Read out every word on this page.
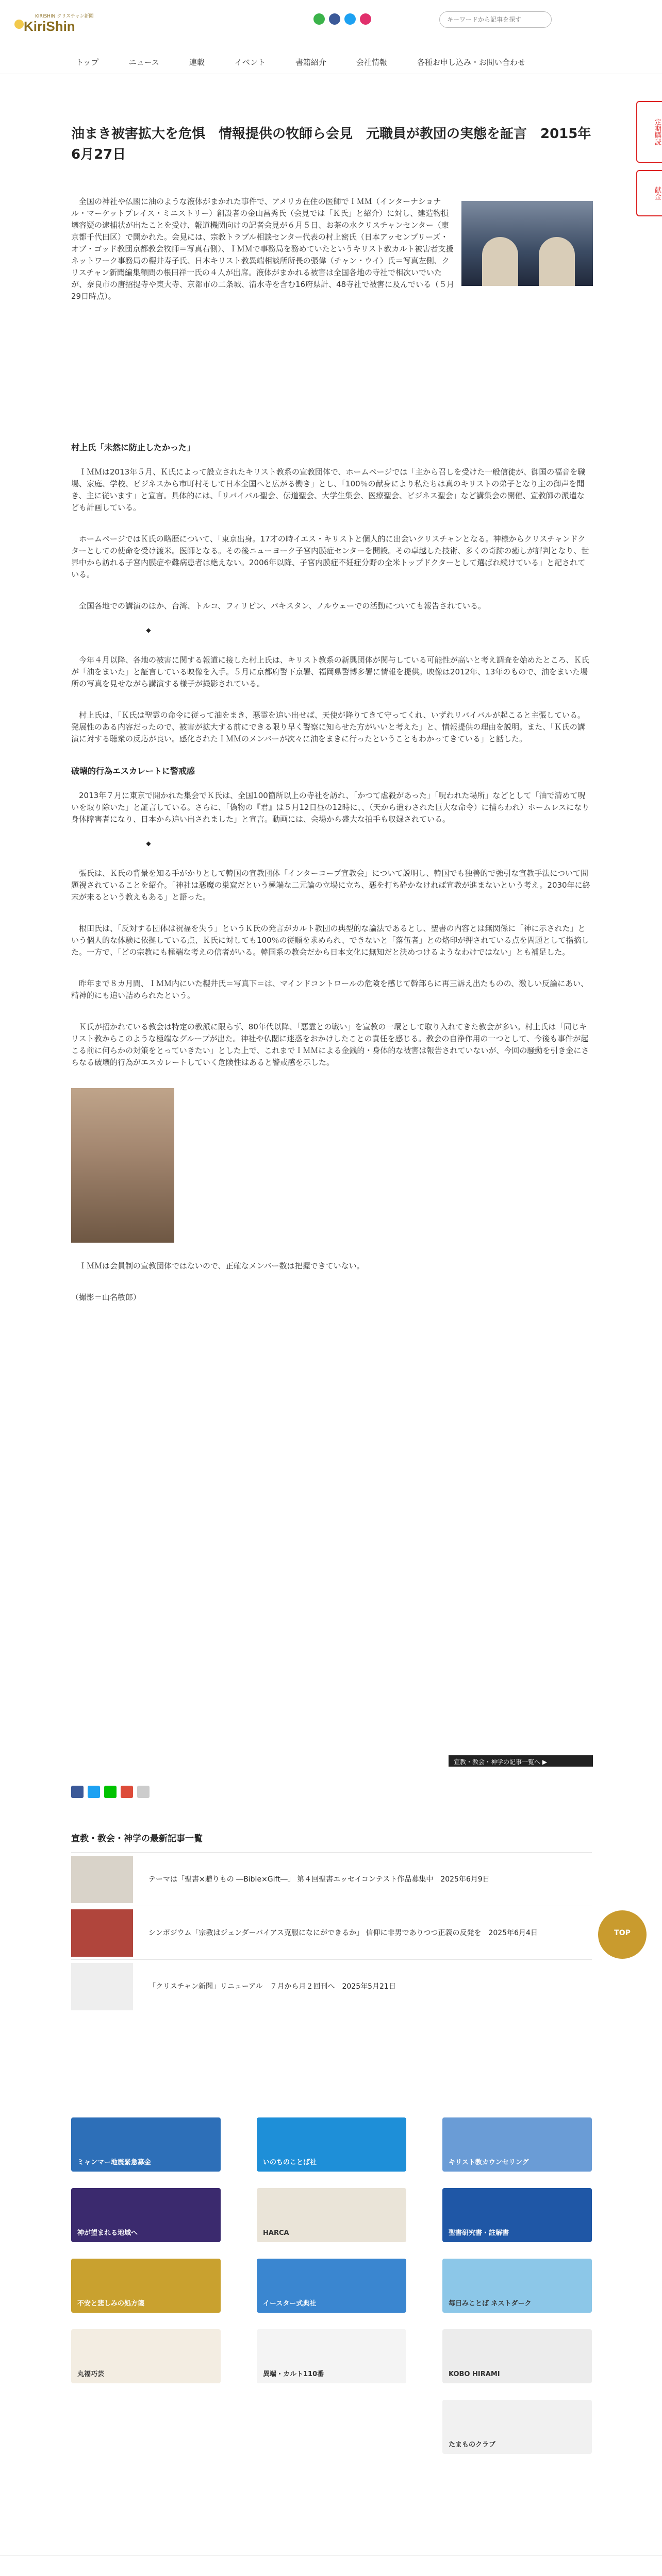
KIRISHIN クリスチャン新聞
KiriShin
キーワードから記事を探す
トップ	ニュース	連載	イベント	書籍紹介	会社情報	各種お申し込み・お問い合わせ
定期購読
献金
油まき被害拡大を危惧　情報提供の牧師ら会見　元職員が教団の実態を証言　2015年6月27日

　全国の神社や仏閣に油のような液体がまかれた事件で、アメリカ在住の医師でＩＭＭ（インターナショナル・マーケットプレイス・ミニストリー）創設者の金山昌秀氏（会見では「Ｋ氏」と紹介）に対し、建造物損壊容疑の逮捕状が出たことを受け、報道機関向けの記者会見が６月５日、お茶の水クリスチャンセンター（東京都千代田区）で開かれた。会見には、宗教トラブル相談センター代表の村上密氏（日本アッセンブリーズ・オブ・ゴッド教団京都教会牧師＝写真右側）、ＩＭＭで事務局を務めていたというキリスト教カルト被害者支援ネットワーク事務局の櫻井寿子氏、日本キリスト教異端相談所所長の張偉（チャン・ウイ）氏＝写真左側、クリスチャン新聞編集顧問の根田祥一氏の４人が出席。液体がまかれる被害は全国各地の寺社で相次いでいたが、奈良市の唐招提寺や東大寺、京都市の二条城、清水寺を含む16府県計、48寺社で被害に及んでいる（５月29日時点）。

村上氏「未然に防止したかった」

　ＩＭＭは2013年５月、Ｋ氏によって設立されたキリスト教系の宣教団体で、ホームページでは「主から召しを受けた一般信徒が、御国の福音を職場、家庭、学校、ビジネスから市町村そして日本全国へと広がる働き」とし、「100％の献身により私たちは真のキリストの弟子となり主の御声を聞き、主に従います」と宣言。具体的には、「リバイバル聖会、伝道聖会、大学生集会、医療聖会、ビジネス聖会」など講集会の開催、宣教師の派遣なども計画している。

　ホームページではＫ氏の略歴について、「東京出身。17才の時イエス・キリストと個人的に出会いクリスチャンとなる。神様からクリスチャンドクターとしての使命を受け渡米。医師となる。その後ニューヨーク子宮内膜症センターを開設。その卓越した技術、多くの奇跡の癒しが評判となり、世界中から訪れる子宮内膜症や難病患者は絶えない。2006年以降、子宮内膜症不妊症分野の全米トップドクターとして選ばれ続けている」と記されている。

　全国各地での講演のほか、台湾、トルコ、フィリピン、パキスタン、ノルウェーでの活動についても報告されている。

◆

　今年４月以降、各地の被害に関する報道に接した村上氏は、キリスト教系の新興団体が関与している可能性が高いと考え調査を始めたところ、Ｋ氏が「油をまいた」と証言している映像を入手。５月に京都府警下京署、福岡県警博多署に情報を提供。映像は2012年、13年のもので、油をまいた場所の写真を見せながら講演する様子が撮影されている。

　村上氏は、「Ｋ氏は聖霊の命令に従って油をまき、悪霊を追い出せば、天使が降りてきて守ってくれ、いずれリバイバルが起こると主張している。発展性のある内容だったので、被害が拡大する前にできる限り早く警察に知らせた方がいいと考えた」と、情報提供の理由を説明。また、「Ｋ氏の講演に対する聴衆の反応が良い。感化されたＩＭＭのメンバーが次々に油をまきに行ったということもわかってきている」と話した。

破壊的行為エスカレートに警戒感

　2013年７月に東京で開かれた集会でＫ氏は、全国100箇所以上の寺社を訪れ、「かつて虐殺があった」「呪われた場所」などとして「油で清めて呪いを取り除いた」と証言している。さらに、「偽物の『君』は５月12日昼の12時に、、（天から遣わされた巨大な命令）に捕らわれ）ホームレスになり身体障害者になり、日本から追い出されました」と宣言。動画には、会場から盛大な拍手も収録されている。

◆

　張氏は、Ｋ氏の背景を知る手がかりとして韓国の宣教団体「インターコープ宣教会」について説明し、韓国でも独善的で強引な宣教手法について問題視されていることを紹介。「神社は悪魔の巣窟だという極端な二元論の立場に立ち、悪を打ち砕かなければ宣教が進まないという考え。2030年に終末が来るという教えもある」と語った。

　根田氏は、「反対する団体は祝福を失う」というＫ氏の発言がカルト教団の典型的な論法であるとし、聖書の内容とは無関係に「神に示された」という個人的な体験に依拠している点、Ｋ氏に対しても100％の従順を求められ、できないと「落伍者」との烙印が押されている点を問題として指摘した。一方で、「どの宗教にも極端な考えの信者がいる。韓国系の教会だから日本文化に無知だと決めつけるようなわけではない」とも補足した。

　昨年まで８カ月間、ＩＭＭ内にいた櫻井氏＝写真下＝は、マインドコントロールの危険を感じて幹部らに再三訴え出たものの、激しい反論にあい、精神的にも追い詰められたという。

　Ｋ氏が招かれている教会は特定の教派に限らず、80年代以降、「悪霊との戦い」を宣教の一環として取り入れてきた教会が多い。村上氏は「同じキリスト教からこのような極端なグループが出た。神社や仏閣に迷惑をおかけしたことの責任を感じる。教会の自浄作用の一つとして、今後も事件が起こる前に何らかの対策をとっていきたい」とした上で、これまでＩＭＭによる金銭的・身体的な被害は報告されていないが、今回の騒動を引き金にさらなる破壊的行為がエスカレートしていく危険性はあると警戒感を示した。

　ＩＭＭは会員制の宣教団体ではないので、正確なメンバー数は把握できていない。

（撮影＝山名敏郎）
宣教・教会・神学の記事一覧へ ▶
宣教・教会・神学の最新記事一覧
テーマは「聖書×贈りもの ―Bible×Gift―」 第４回聖書エッセイコンテスト作品募集中　2025年6月9日
シンポジウム「宗教はジェンダーバイアス克服になにができるか」 信仰に非男でありつつ正義の反発を　2025年6月4日
「クリスチャン新聞」リニューアル　７月から月２回刊へ　2025年5月21日
TOP
ミャンマー地震緊急募金	いのちのことば社	キリスト教カウンセリング
神が望まれる地域へ	HARCA	聖書研究書・註解書
不安と悲しみの処方箋	イースター式典社	毎日みことば ネストダーク
丸福巧芸	異端・カルト110番	KOBO HIRAMI
たまものクラブ
